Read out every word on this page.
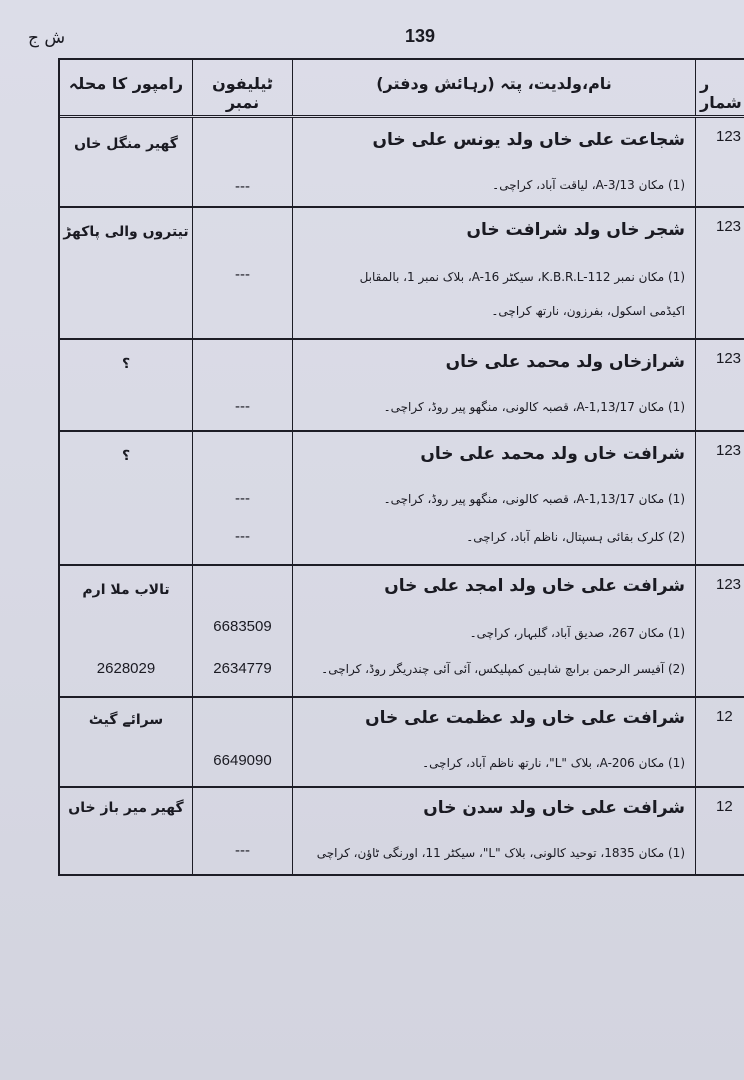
139
ش ج
رامپور کا محلہ	ٹیلیفون نمبر
نام،ولدیت، پتہ (رہائش ودفتر)	ر شمار
گھیر منگل خاں
---
شجاعت علی خاں ولد یونس علی خاں
(1) مکان A-3/13، لیاقت آباد، کراچی۔
123
تیتروں والی پاکھڑ
---
شجر خاں ولد شرافت خاں
(1) مکان نمبر K.B.R.L-112، سیکٹر A-16، بلاک نمبر 1، بالمقابل
اکیڈمی اسکول، بفرزون، نارتھ کراچی۔
123
؟
---
شرازخاں ولد محمد علی خاں
(1) مکان A-1,13/17، قصبہ کالونی، منگھو پیر روڈ، کراچی۔
123
؟
---
---
شرافت خاں ولد محمد علی خاں
(1) مکان A-1,13/17، قصبہ کالونی، منگھو پیر روڈ، کراچی۔
(2) کلرک بقائی ہسپتال، ناظم آباد، کراچی۔
123
تالاب ملا ارم
6683509
2634779
شرافت علی خاں ولد امجد علی خاں
(1) مکان 267، صدیق آباد، گلبہار، کراچی۔
(2) آفیسر الرحمن براںچ شاہین کمپلیکس، آئی آئی چندریگر روڈ، کراچی۔
123
2628029
سرائے گیٹ
6649090
شرافت علی خاں ولد عظمت علی خاں
(1) مکان A-206، بلاک "L"، نارتھ ناظم آباد، کراچی۔
12
گھیر میر باز خاں
---
شرافت علی خاں ولد سدن خاں
(1) مکان 1835، توحید کالونی، بلاک "L"، سیکٹر 11، اورنگی ٹاؤن، کراچی
12
